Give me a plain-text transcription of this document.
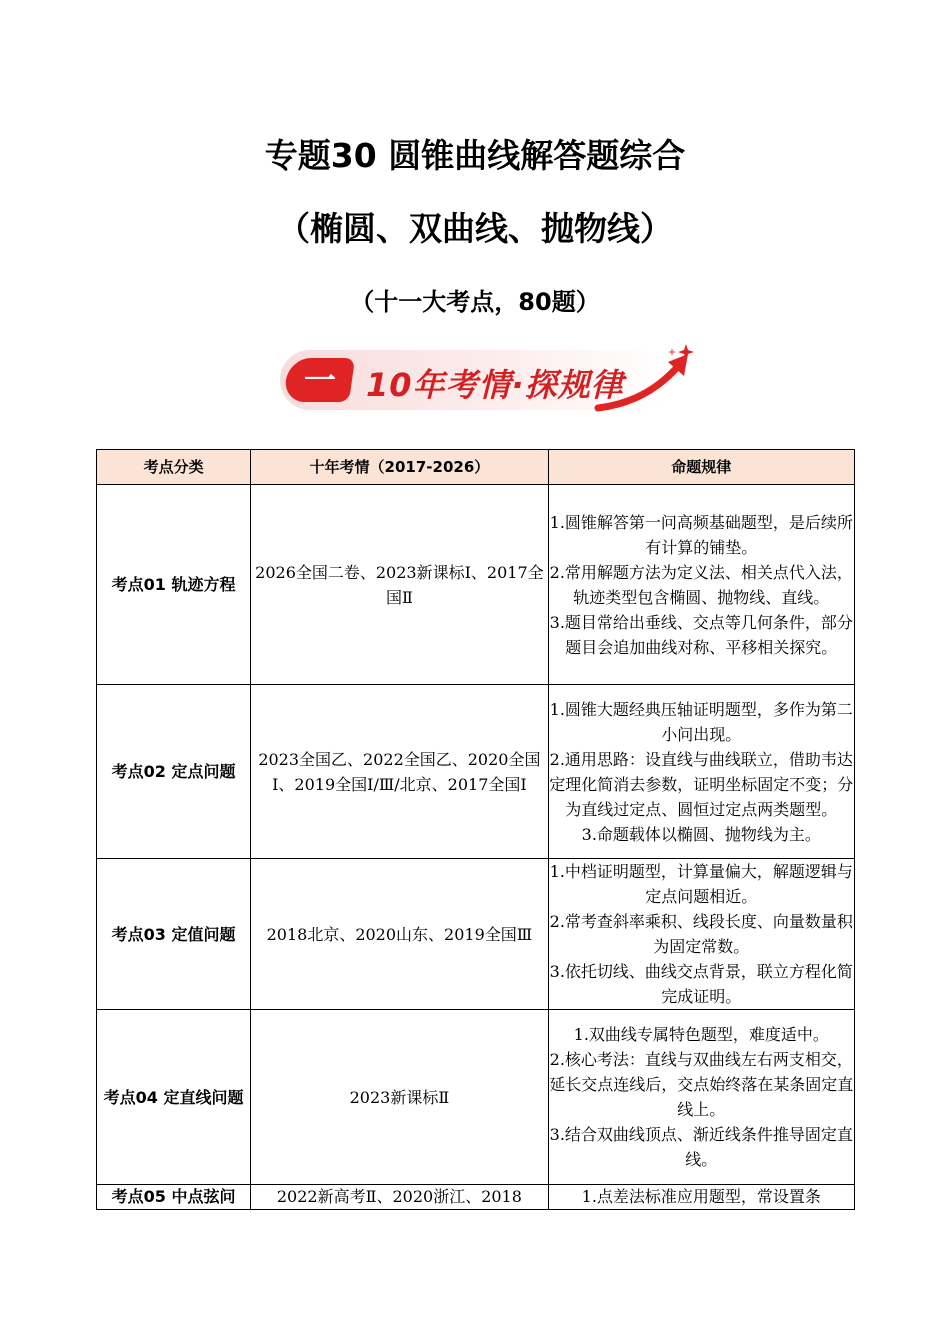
专题30 圆锥曲线解答题综合
（椭圆、双曲线、抛物线）
（十一大考点，80题）
一 10年考情·探规律
考点分类	十年考情（2017-2026）	命题规律
考点01 轨迹方程	2026全国二卷、2023新课标Ⅰ、2017全国Ⅱ	1.圆锥解答第一问高频基础题型，是后续所有计算的铺垫。

2.常用解题方法为定义法、相关点代入法，轨迹类型包含椭圆、抛物线、直线。

3.题目常给出垂线、交点等几何条件，部分题目会追加曲线对称、平移相关探究。

考点02 定点问题	2023全国乙、2022全国乙、2020全国Ⅰ、2019全国Ⅰ/Ⅲ/北京、2017全国Ⅰ	1.圆锥大题经典压轴证明题型，多作为第二小问出现。

2.通用思路：设直线与曲线联立，借助韦达定理化简消去参数，证明坐标固定不变；分为直线过定点、圆恒过定点两类题型。

3.命题载体以椭圆、抛物线为主。

考点03 定值问题	2018北京、2020山东、2019全国Ⅲ	1.中档证明题型，计算量偏大，解题逻辑与定点问题相近。

2.常考查斜率乘积、线段长度、向量数量积为固定常数。

3.依托切线、曲线交点背景，联立方程化简完成证明。

考点04 定直线问题	2023新课标Ⅱ	1.双曲线专属特色题型，难度适中。

2.核心考法：直线与双曲线左右两支相交，延长交点连线后，交点始终落在某条固定直线上。

3.结合双曲线顶点、渐近线条件推导固定直线。

考点05 中点弦问	2022新高考Ⅱ、2020浙江、2018	1.点差法标准应用题型，常设置条
